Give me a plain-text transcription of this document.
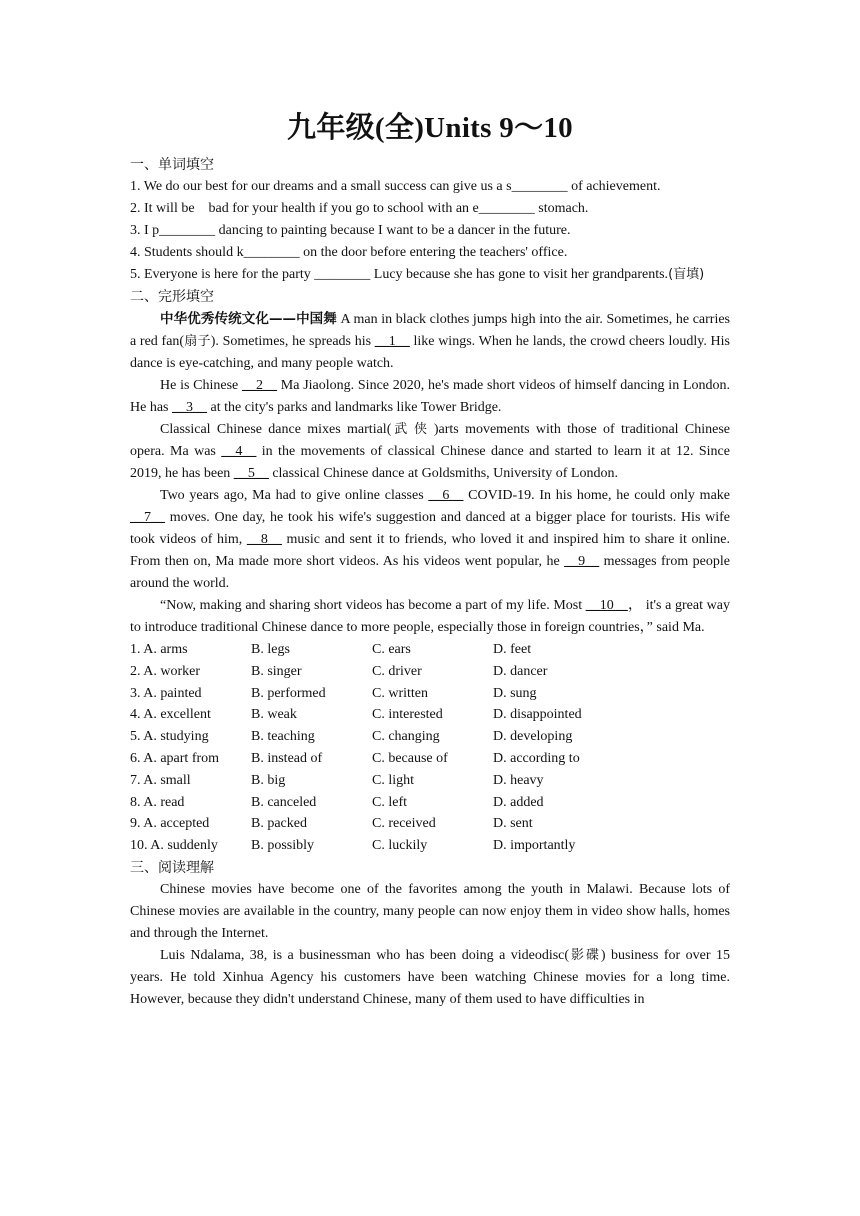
九年级(全)Units 9～10
一、单词填空

1. We do our best for our dreams and a small success can give us a s________ of achievement.

2. It will be    bad for your health if you go to school with an e________ stomach.

3. I p________ dancing to painting because I want to be a dancer in the future.

4. Students should k________ on the door before entering the teachers' office.

5. Everyone is here for the party ________ Lucy because she has gone to visit her grandparents.(盲填)

二、完形填空

中华优秀传统文化——中国舞 A man in black clothes jumps high into the air. Sometimes, he carries a red fan(扇子). Sometimes, he spreads his __1__ like wings. When he lands, the crowd cheers loudly. His dance is eye-catching, and many people watch.

He is Chinese __2__ Ma Jiaolong. Since 2020, he's made short videos of himself dancing in London. He has __3__ at the city's parks and landmarks like Tower Bridge.

Classical Chinese dance mixes martial(武侠)arts movements with those of traditional Chinese opera. Ma was __4__ in the movements of classical Chinese dance and started to learn it at 12. Since 2019, he has been __5__ classical Chinese dance at Goldsmiths, University of London.

Two years ago, Ma had to give online classes __6__ COVID-19. In his home, he could only make __7__ moves. One day, he took his wife's suggestion and danced at a bigger place for tourists. His wife took videos of him, __8__ music and sent it to friends, who loved it and inspired him to share it online. From then on, Ma made more short videos. As his videos went popular, he __9__ messages from people around the world.

“Now, making and sharing short videos has become a part of my life. Most __10__， it's a great way to introduce traditional Chinese dance to more people, especially those in foreign countries，” said Ma.

1. A. arms	B. legs	C. ears	D. feet
2. A. worker	B. singer	C. driver	D. dancer
3. A. painted	B. performed	C. written	D. sung
4. A. excellent	B. weak	C. interested	D. disappointed
5. A. studying	B. teaching	C. changing	D. developing
6. A. apart from	B. instead of	C. because of	D. according to
7. A. small	B. big	C. light	D. heavy
8. A. read	B. canceled	C. left	D. added
9. A. accepted	B. packed	C. received	D. sent
10. A. suddenly	B. possibly	C. luckily	D. importantly
三、阅读理解

Chinese movies have become one of the favorites among the youth in Malawi. Because lots of Chinese movies are available in the country, many people can now enjoy them in video show halls, homes and through the Internet.

Luis Ndalama, 38, is a businessman who has been doing a videodisc(影碟) business for over 15 years. He told Xinhua Agency his customers have been watching Chinese movies for a long time. However, because they didn't understand Chinese, many of them used to have difficulties in
